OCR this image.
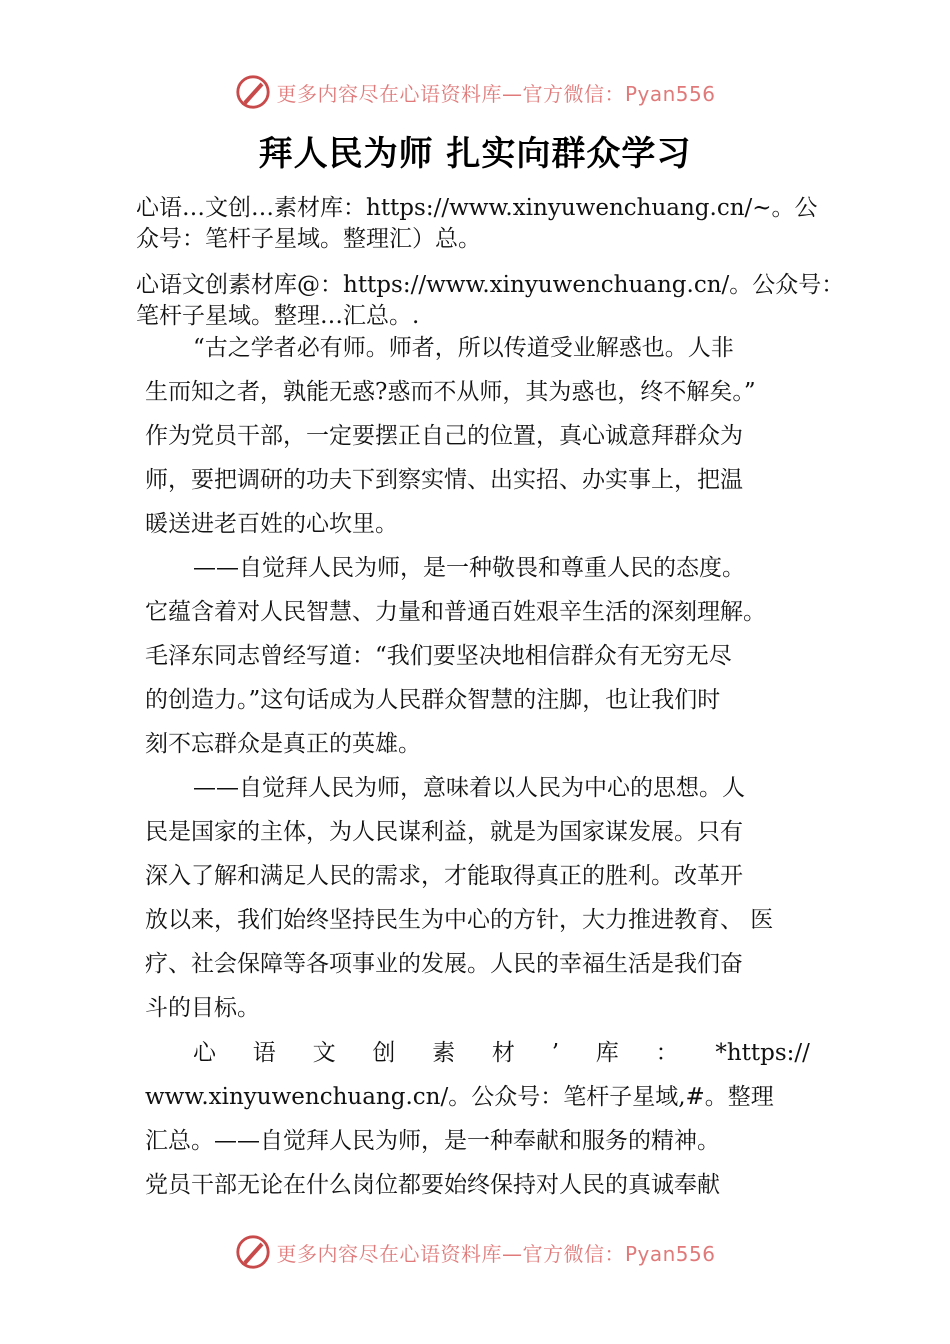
更多内容尽在心语资料库—官方微信：Pyan556
拜人民为师 扎实向群众学习

心语…文创…素材库：https://www.xinyuwenchuang.cn/~。公

众号：笔杆子星域。整理汇）总。

心语文创素材库@：https://www.xinyuwenchuang.cn/。公众号：

笔杆子星域。整理…汇总。.

“古之学者必有师。师者，所以传道受业解惑也。人非

生而知之者，孰能无惑?惑而不从师，其为惑也，终不解矣。”

作为党员干部，一定要摆正自己的位置，真心诚意拜群众为

师，要把调研的功夫下到察实情、出实招、办实事上，把温

暖送进老百姓的心坎里。

——自觉拜人民为师，是一种敬畏和尊重人民的态度。

它蕴含着对人民智慧、力量和普通百姓艰辛生活的深刻理解。

毛泽东同志曾经写道：“我们要坚决地相信群众有无穷无尽

的创造力。”这句话成为人民群众智慧的注脚，也让我们时

刻不忘群众是真正的英雄。

——自觉拜人民为师，意味着以人民为中心的思想。人

民是国家的主体，为人民谋利益，就是为国家谋发展。只有

深入了解和满足人民的需求，才能取得真正的胜利。改革开

放以来，我们始终坚持民生为中心的方针，大力推进教育、 医

疗、社会保障等各项事业的发展。人民的幸福生活是我们奋

斗的目标。

心 语 文 创 素 材 ’ 库 ： *https://

www.xinyuwenchuang.cn/。公众号：笔杆子星域,#。整理

汇总。——自觉拜人民为师，是一种奉献和服务的精神。

党员干部无论在什么岗位都要始终保持对人民的真诚奉献

更多内容尽在心语资料库—官方微信：Pyan556
